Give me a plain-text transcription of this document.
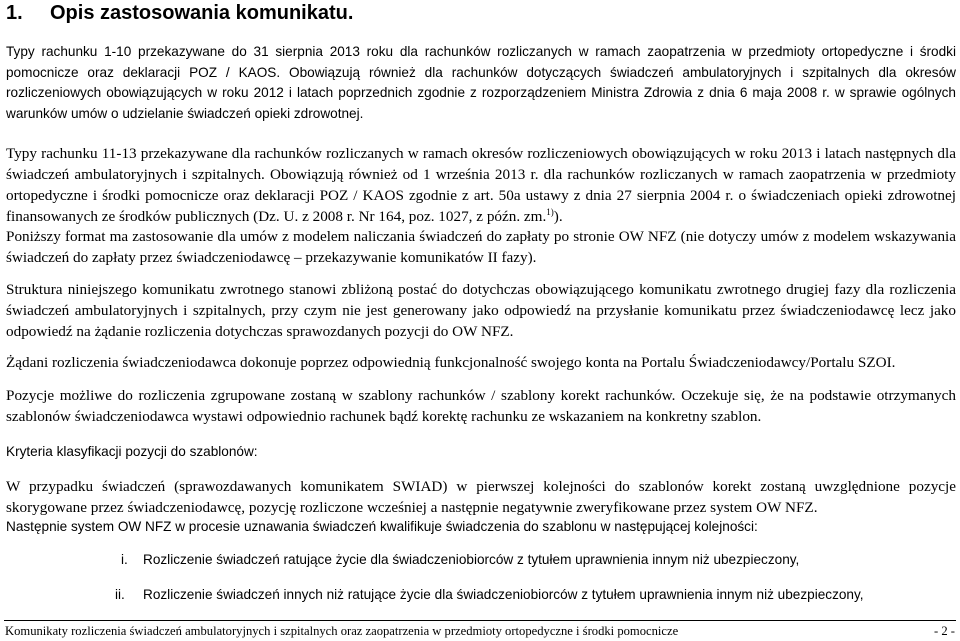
1. Opis zastosowania komunikatu.

Typy rachunku 1-10 przekazywane do 31 sierpnia 2013 roku dla rachunków rozliczanych w ramach zaopatrzenia w przedmioty ortopedyczne i środki pomocnicze oraz deklaracji POZ / KAOS. Obowiązują również dla rachunków dotyczących świadczeń ambulatoryjnych i szpitalnych dla okresów rozliczeniowych obowiązujących w roku 2012 i latach poprzednich zgodnie z rozporządzeniem Ministra Zdrowia z dnia 6 maja 2008 r. w sprawie ogólnych warunków umów o udzielanie świadczeń opieki zdrowotnej.

Typy rachunku 11-13 przekazywane dla rachunków rozliczanych w ramach okresów rozliczeniowych obowiązujących w roku 2013 i latach następnych dla świadczeń ambulatoryjnych i szpitalnych. Obowiązują również od 1 września 2013 r. dla rachunków rozliczanych w ramach zaopatrzenia w przedmioty ortopedyczne i środki pomocnicze oraz deklaracji POZ / KAOS zgodnie z art. 50a ustawy z dnia 27 sierpnia 2004 r. o świadczeniach opieki zdrowotnej finansowanych ze środków publicznych (Dz. U. z 2008 r. Nr 164, poz. 1027, z późn. zm.$^{1)}$).

Poniższy format ma zastosowanie dla umów z modelem naliczania świadczeń do zapłaty po stronie OW NFZ (nie dotyczy umów z modelem wskazywania świadczeń do zapłaty przez świadczeniodawcę – przekazywanie komunikatów II fazy).

Struktura niniejszego komunikatu zwrotnego stanowi zbliżoną postać do dotychczas obowiązującego komunikatu zwrotnego drugiej fazy dla rozliczenia świadczeń ambulatoryjnych i szpitalnych, przy czym nie jest generowany jako odpowiedź na przysłanie komunikatu przez świadczeniodawcę lecz jako odpowiedź na żądanie rozliczenia dotychczas sprawozdanych pozycji do OW NFZ.

Żądani rozliczenia świadczeniodawca dokonuje poprzez odpowiednią funkcjonalność swojego konta na Portalu Świadczeniodawcy/Portalu SZOI.

Pozycje możliwe do rozliczenia zgrupowane zostaną w szablony rachunków / szablony korekt rachunków. Oczekuje się, że na podstawie otrzymanych szablonów świadczeniodawca wystawi odpowiednio rachunek bądź korektę rachunku ze wskazaniem na konkretny szablon.

Kryteria klasyfikacji pozycji do szablonów:

W przypadku świadczeń (sprawozdawanych komunikatem SWIAD) w pierwszej kolejności do szablonów korekt zostaną uwzględnione pozycje skorygowane przez świadczeniodawcę, pozycję rozliczone wcześniej a następnie negatywnie zweryfikowane przez system OW NFZ.

Następnie system OW NFZ w procesie uznawania świadczeń kwalifikuje świadczenia do szablonu w następującej kolejności:

i. Rozliczenie świadczeń ratujące życie dla świadczeniobiorców z tytułem uprawnienia innym niż ubezpieczony,

ii. Rozliczenie świadczeń innych niż ratujące życie dla świadczeniobiorców z tytułem uprawnienia innym niż ubezpieczony,

Komunikaty rozliczenia świadczeń ambulatoryjnych i szpitalnych oraz zaopatrzenia w przedmioty ortopedyczne i środki pomocnicze	- 2 -
